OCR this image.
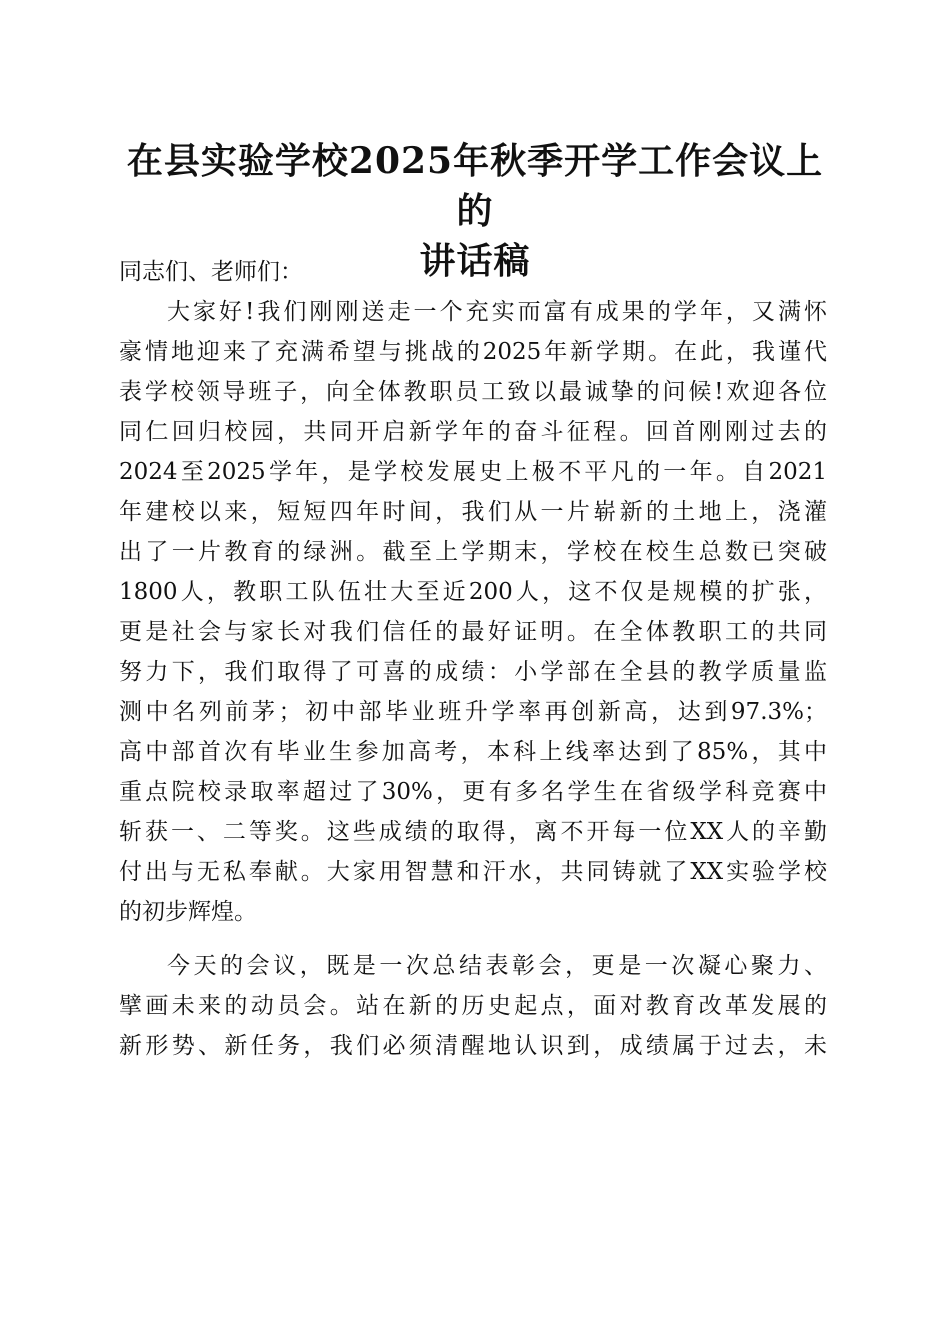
在县实验学校2025年秋季开学工作会议上的
讲话稿
同志们、老师们：
大家好!我们刚刚送走一个充实而富有成果的学年，又满怀
豪情地迎来了充满希望与挑战的2025年新学期。在此，我谨代
表学校领导班子，向全体教职员工致以最诚挚的问候!欢迎各位
同仁回归校园，共同开启新学年的奋斗征程。回首刚刚过去的
2024至2025学年，是学校发展史上极不平凡的一年。自2021
年建校以来，短短四年时间，我们从一片崭新的土地上，浇灌
出了一片教育的绿洲。截至上学期末，学校在校生总数已突破
1800人，教职工队伍壮大至近200人，这不仅是规模的扩张，
更是社会与家长对我们信任的最好证明。在全体教职工的共同
努力下，我们取得了可喜的成绩：小学部在全县的教学质量监
测中名列前茅；初中部毕业班升学率再创新高，达到97.3%；
高中部首次有毕业生参加高考，本科上线率达到了85%，其中
重点院校录取率超过了30%，更有多名学生在省级学科竞赛中
斩获一、二等奖。这些成绩的取得，离不开每一位XX人的辛勤
付出与无私奉献。大家用智慧和汗水，共同铸就了XX实验学校
的初步辉煌。
今天的会议，既是一次总结表彰会，更是一次凝心聚力、
擘画未来的动员会。站在新的历史起点，面对教育改革发展的
新形势、新任务，我们必须清醒地认识到，成绩属于过去，未
